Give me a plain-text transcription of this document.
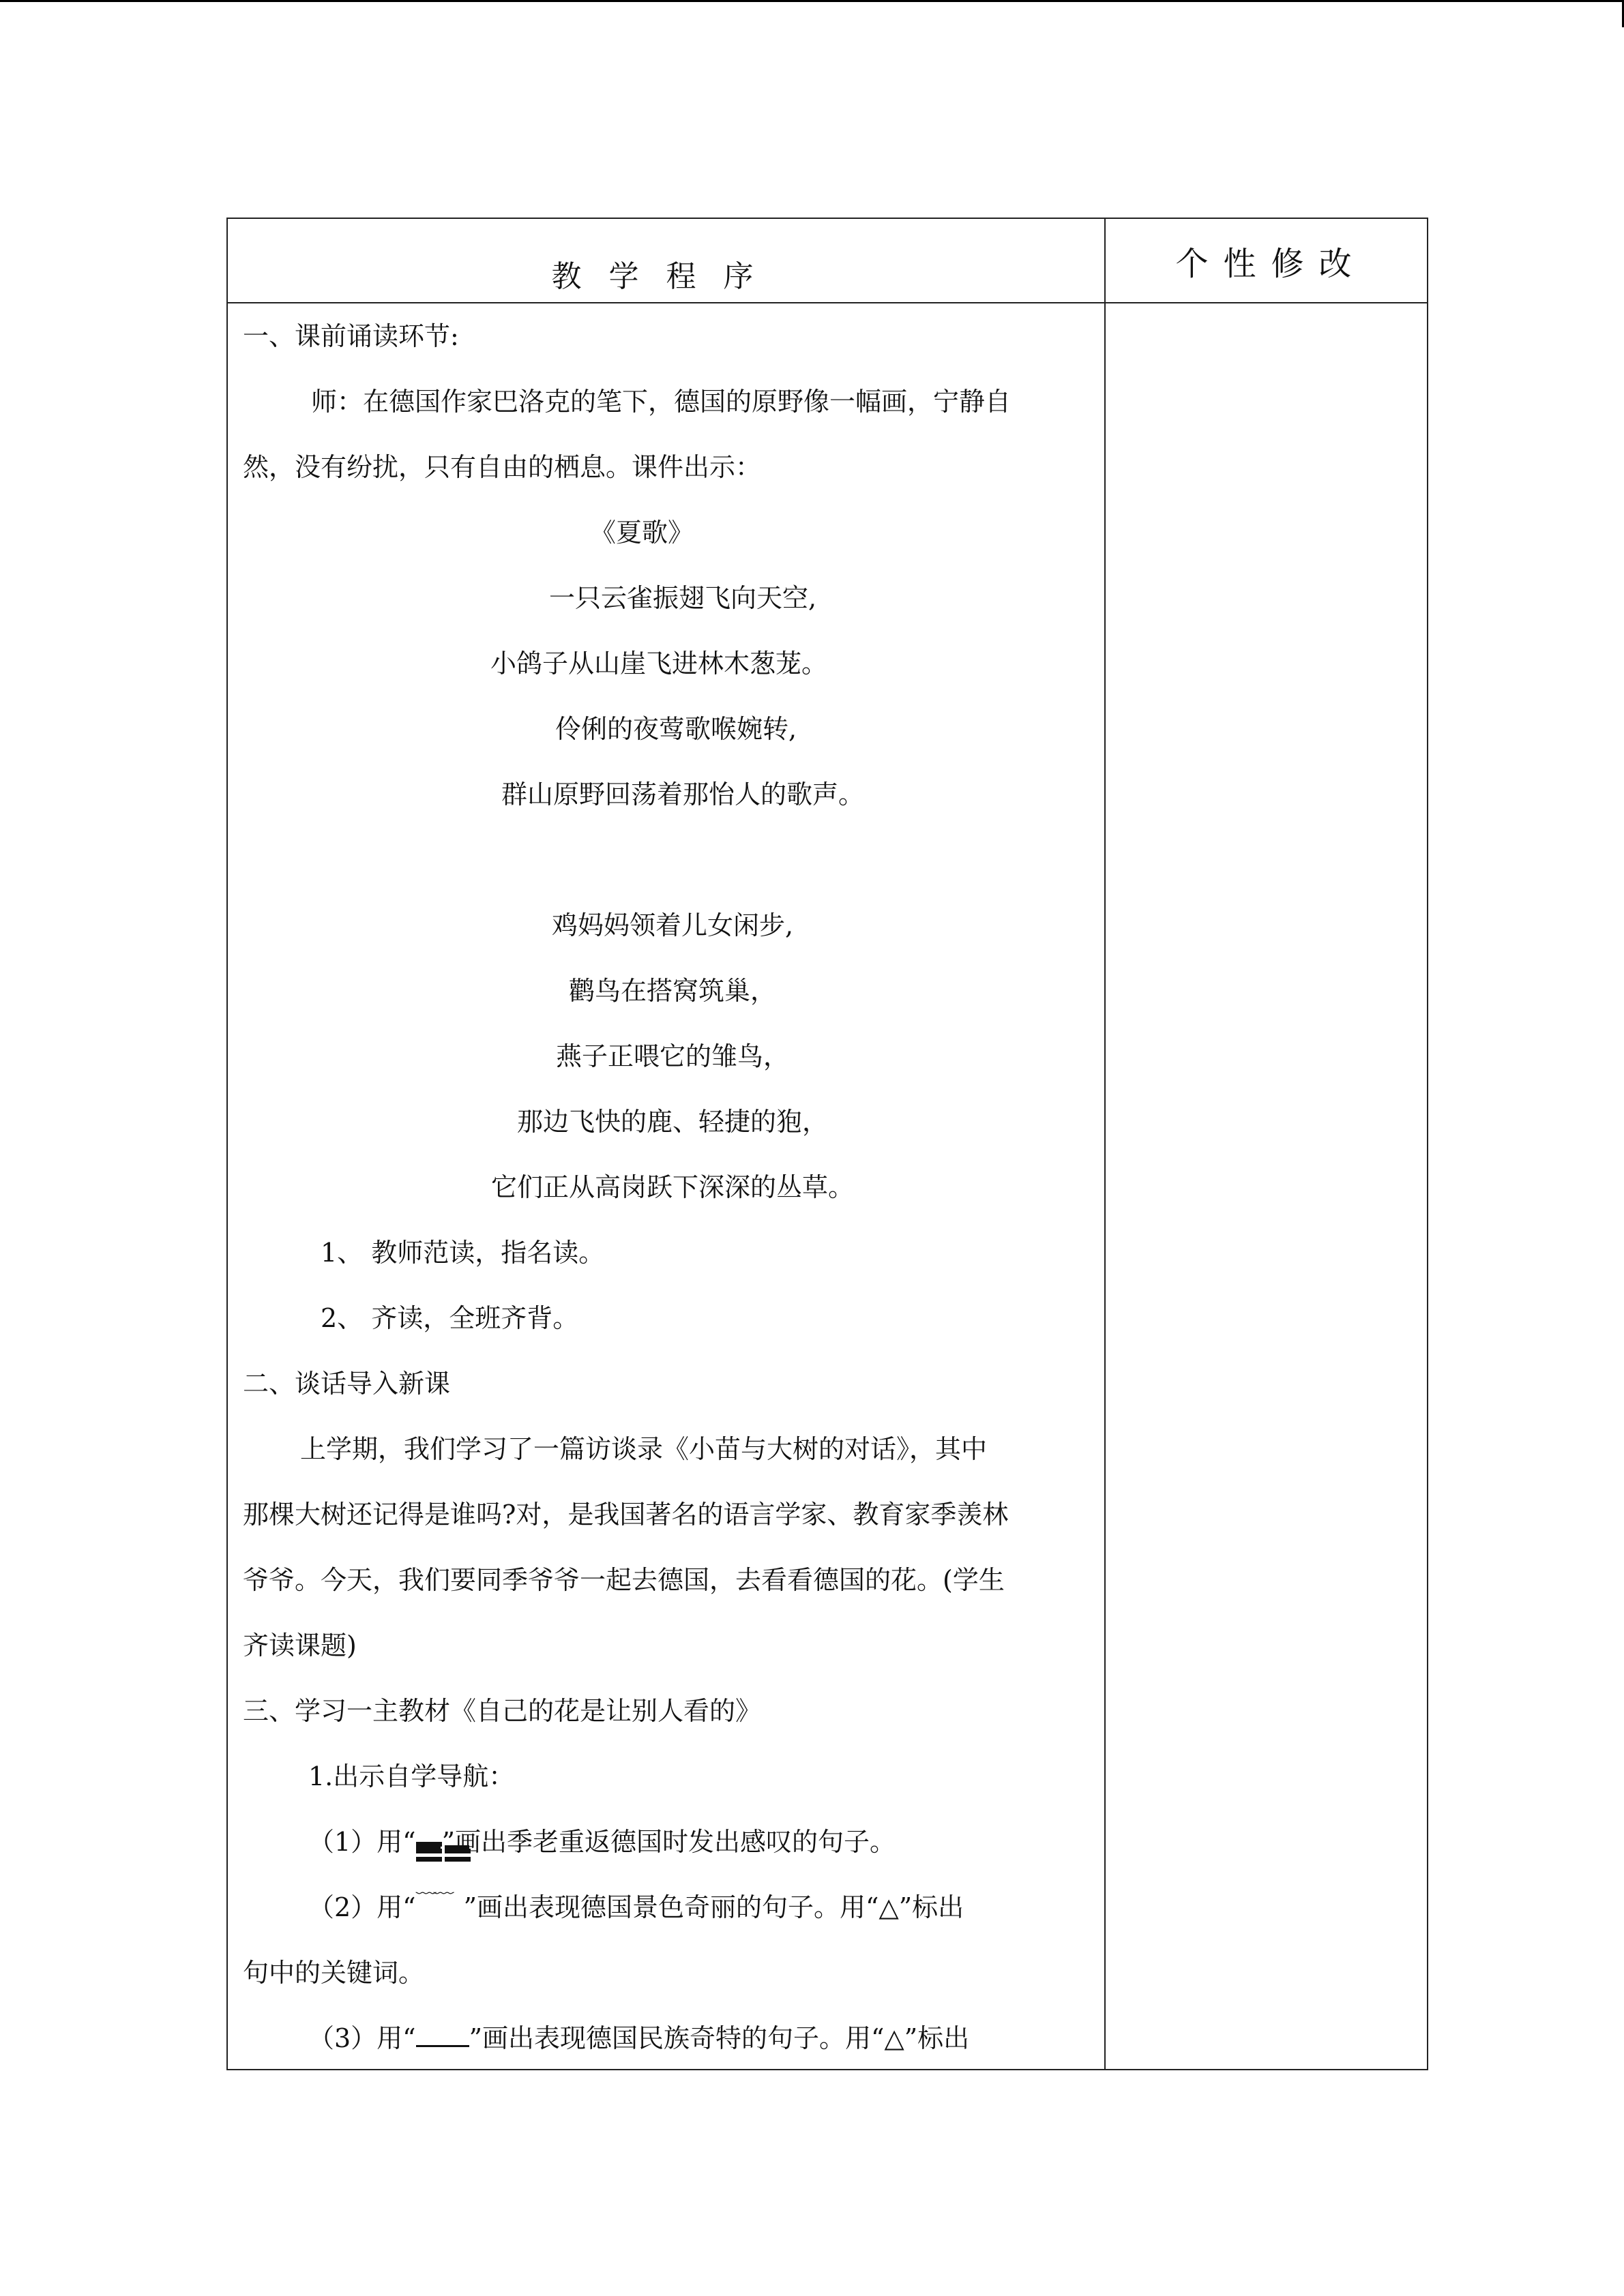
教学程序	个性修改

一、课前诵读环节:

师：在德国作家巴洛克的笔下，德国的原野像一幅画，宁静自

然，没有纷扰，只有自由的栖息。课件出示：

《夏歌》

一只云雀振翅飞向天空,

小鸽子从山崖飞进林木葱茏。

伶俐的夜莺歌喉婉转,

群山原野回荡着那怡人的歌声。

鸡妈妈领着儿女闲步,

鹳鸟在搭窝筑巢，

燕子正喂它的雏鸟，

那边飞快的鹿、轻捷的狍，

它们正从高岗跃下深深的丛草。

1、 教师范读，指名读。

2、 齐读，全班齐背。

二、谈话导入新课

上学期，我们学习了一篇访谈录《小苗与大树的对话》，其中

那棵大树还记得是谁吗?对，是我国著名的语言学家、教育家季羡林

爷爷。今天，我们要同季爷爷一起去德国，去看看德国的花。(学生

齐读课题)

三、学习一主教材《自己的花是让别人看的》

1.出示自学导航：

（1）用“ ”画出季老重返德国时发出感叹的句子。

（2）用“﹏﹏”画出表现德国景色奇丽的句子。用“△”标出

句中的关键词。

（3）用“ ”画出表现德国民族奇特的句子。用“△”标出
